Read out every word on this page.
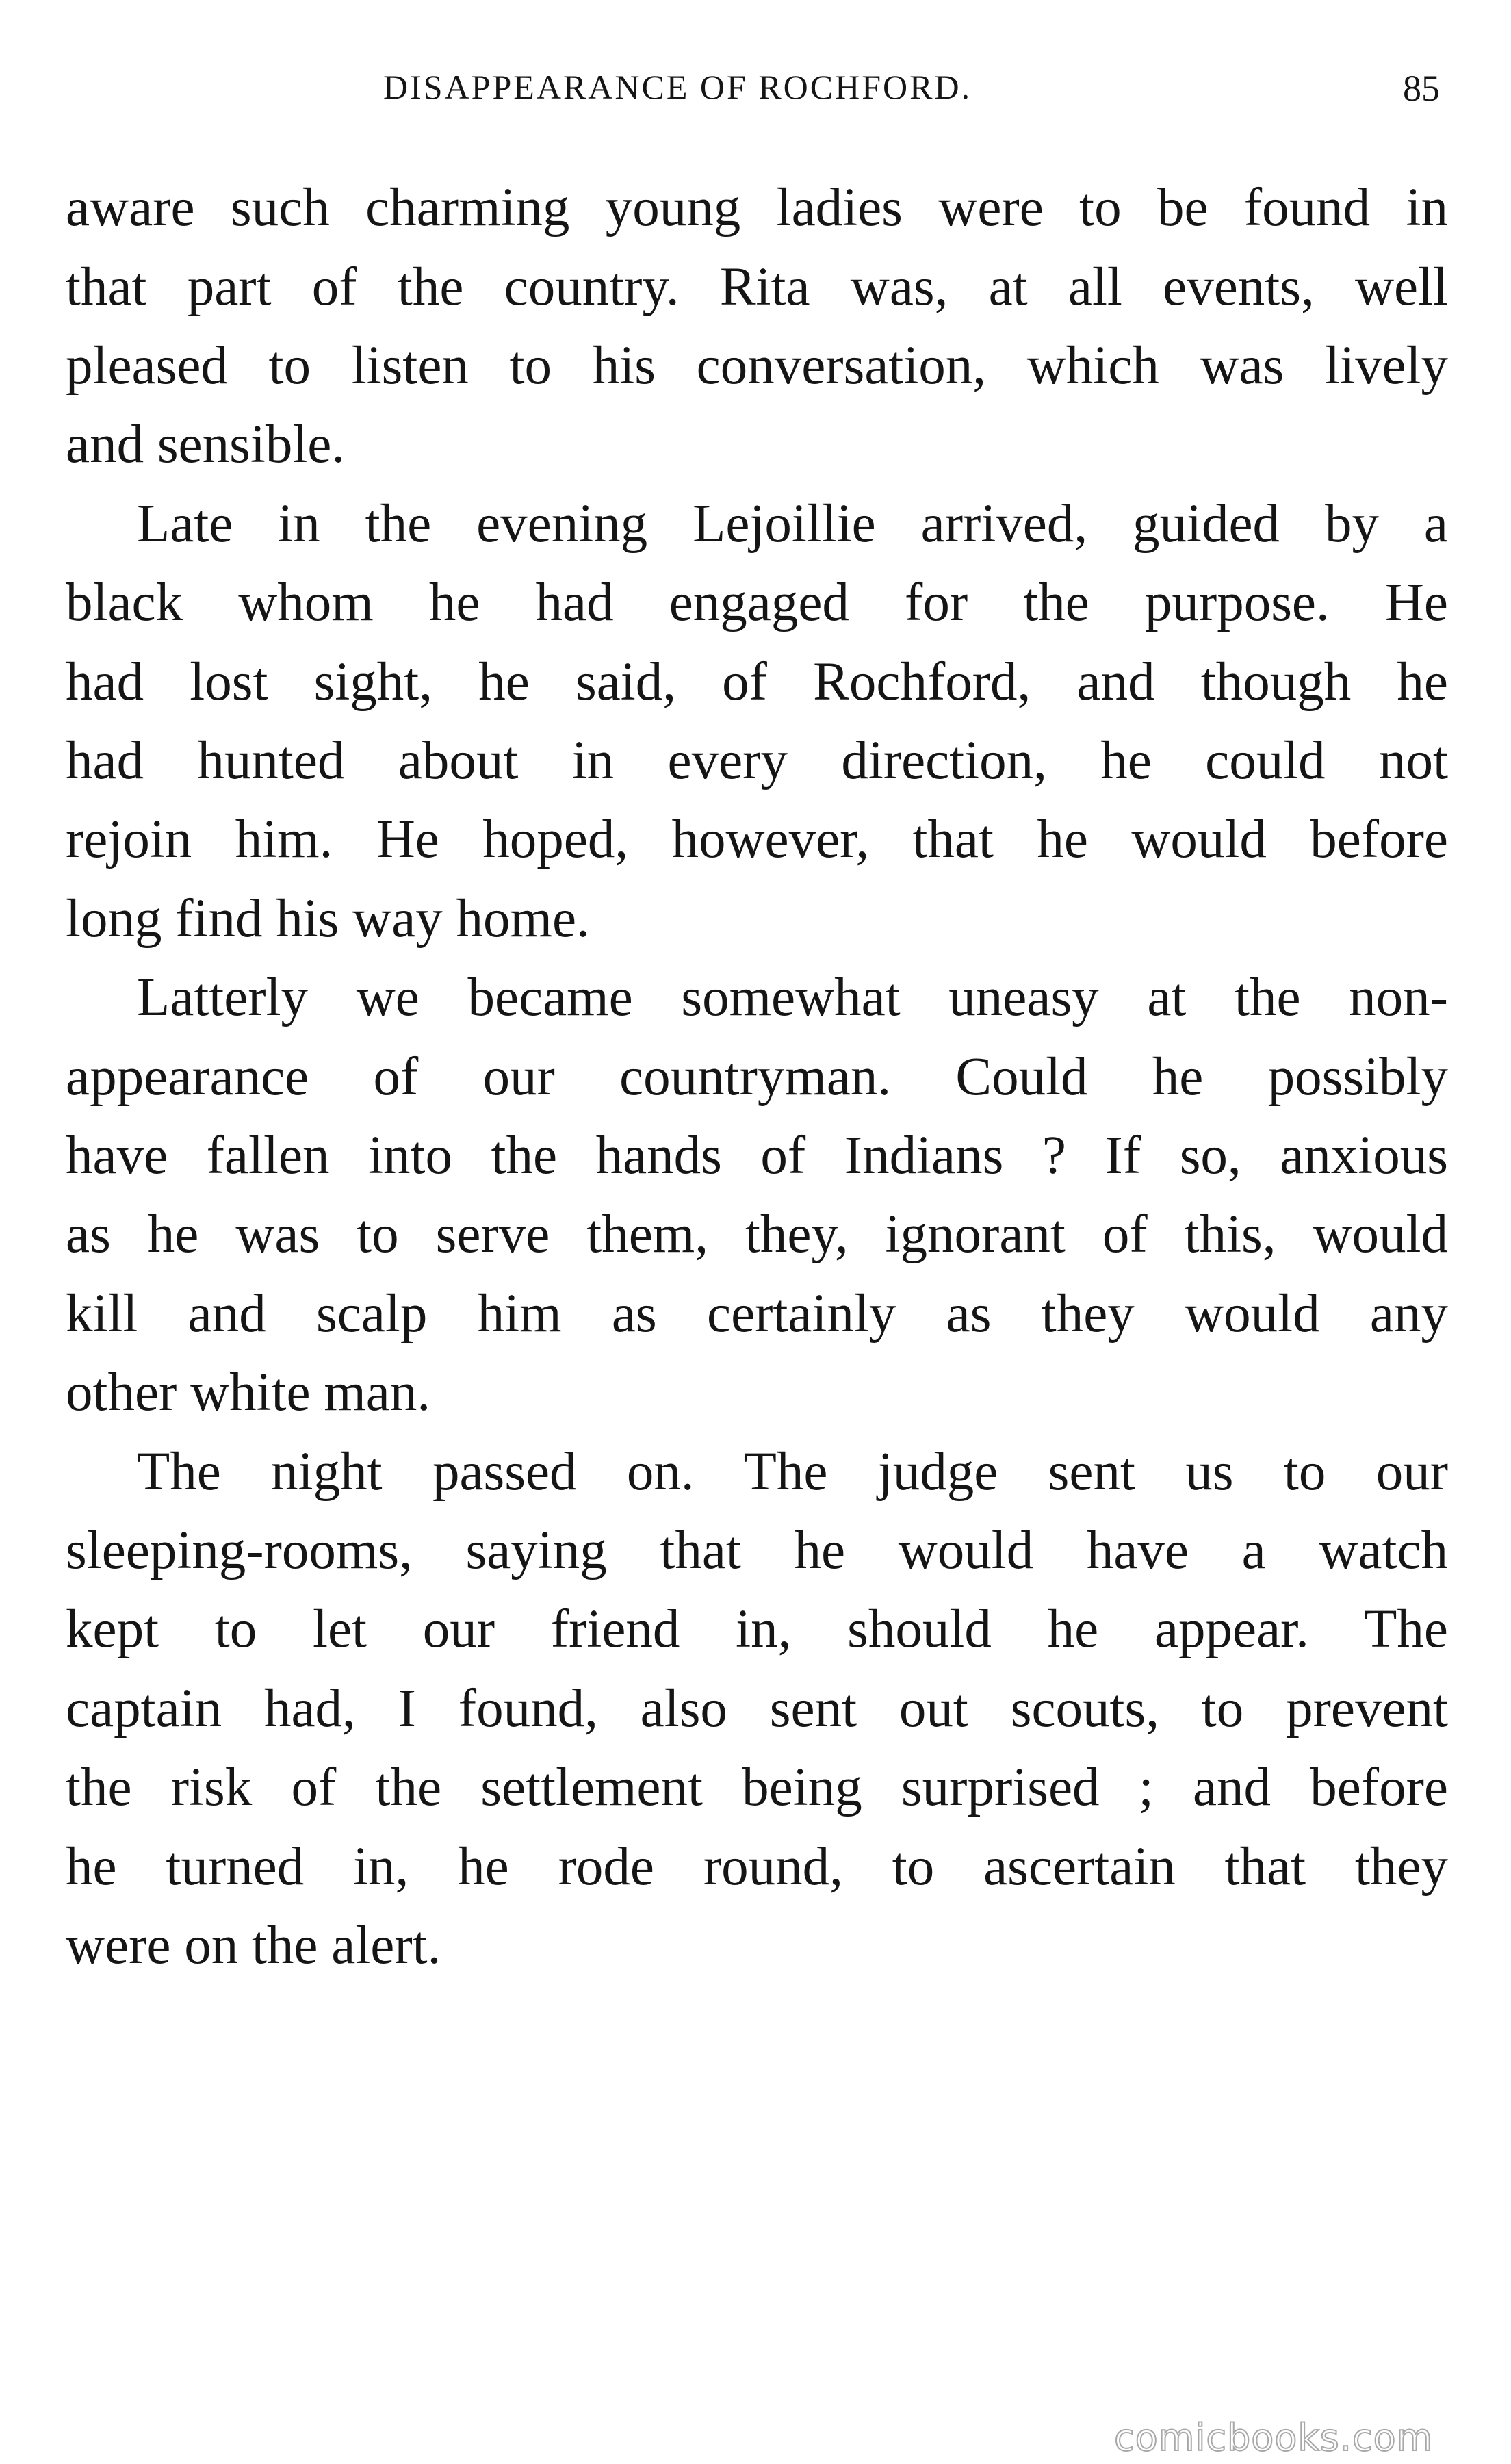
DISAPPEARANCE OF ROCHFORD.	85
aware such charming young ladies were to be found in
that part of the country. Rita was, at all events, well
pleased to listen to his conversation, which was lively
and sensible.
Late in the evening Lejoillie arrived, guided by a
black whom he had engaged for the purpose. He
had lost sight, he said, of Rochford, and though he
had hunted about in every direction, he could not
rejoin him. He hoped, however, that he would before
long find his way home.
Latterly we became somewhat uneasy at the non-
appearance of our countryman. Could he possibly
have fallen into the hands of Indians ? If so, anxious
as he was to serve them, they, ignorant of this, would
kill and scalp him as certainly as they would any
other white man.
The night passed on. The judge sent us to our
sleeping-rooms, saying that he would have a watch
kept to let our friend in, should he appear. The
captain had, I found, also sent out scouts, to prevent
the risk of the settlement being surprised ; and before
he turned in, he rode round, to ascertain that they
were on the alert.
comicbooks.com
